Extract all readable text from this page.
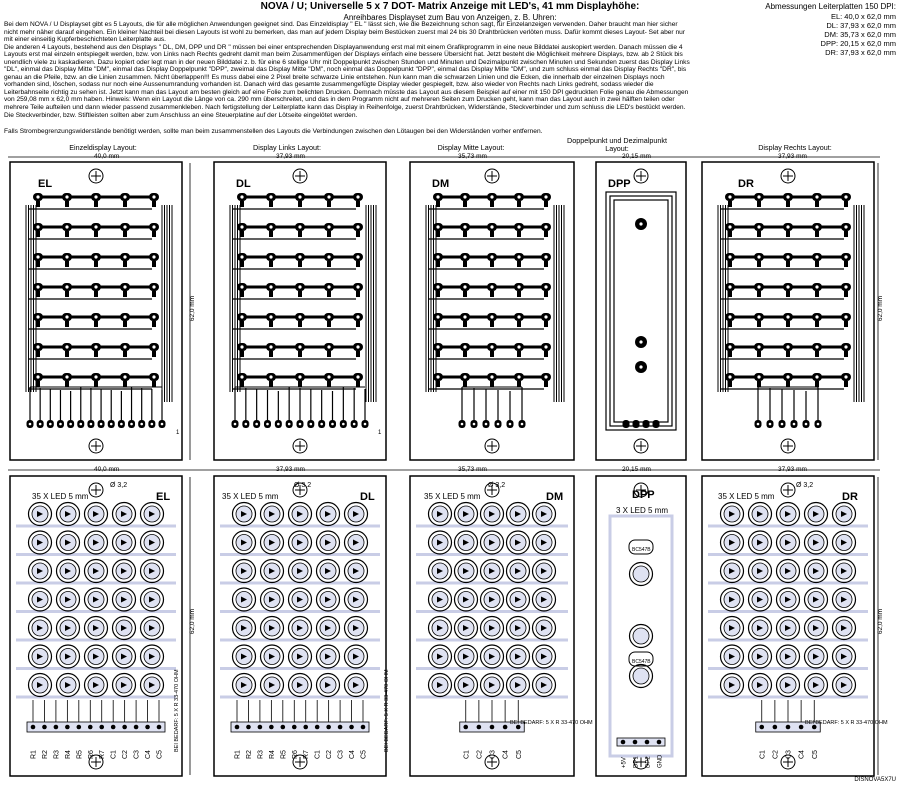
NOVA / U; Universelle 5 x 7 DOT- Matrix Anzeige mit LED's, 41 mm Displayhöhe:
Anreihbares Displayset zum Bau von Anzeigen, z. B. Uhren:
Abmessungen Leiterplatten 150 DPI:
EL: 40,0 x 62,0 mm
DL: 37,93 x 62,0 mm
DM: 35,73 x 62,0 mm
DPP: 20,15 x 62,0 mm
DR: 37,93 x 62,0 mm
Bei dem NOVA / U Displayset gibt es 5 Layouts, die für alle möglichen Anwendungen geeignet sind. Das Einzeldisplay " EL " lässt sich, wie die Bezeichnung schon sagt, für Einzelanzeigen verwenden. Daher braucht man hier sicher nicht mehr näher darauf eingehen. Ein kleiner Nachteil bei diesen Layouts ist wohl zu bemerken, das man auf jedem Display beim Bestücken zuerst mal 24 bis 30 Drahtbrücken verlöten muss. Dafür kommt dieses Layout- Set aber nur mit einer einseitig Kupferbeschichteten Leiterplatte aus.
Die anderen 4 Layouts, bestehend aus den Displays " DL, DM, DPP und DR " müssen bei einer entsprechenden Displayanwendung erst mal mit einem Grafikprogramm in eine neue Bilddatei auskopiert werden. Danach müssen die 4 Layouts erst mal einzeln entspiegelt werden, bzw. von Links nach Rechts gedreht damit man beim Zusammenfügen der Displays einfach eine bessere Übersicht hat. Jetzt besteht die Möglichkeit mehrere Displays, bzw. ab 2 Stück bis unendlich viele zu kaskadieren. Dazu kopiert oder legt man in der neuen Bilddatei z. b. für eine 6 stellige Uhr mit Doppelpunkt zwischen Stunden und Minuten und Dezimalpunkt zwischen Minuten und Sekunden zuerst das Display Links "DL", einmal das Display Mitte "DM", einmal das Display Doppelpunkt "DPP", zweimal das Display Mitte "DM", noch einmal das Doppelpunkt "DPP", einmal das Display Mitte "DM", und zum schluss einmal das Display Rechts "DR", bis genau an die Pfeile, bzw. an die Linien zusammen. Nicht überlappen!!! Es muss dabei eine 2 Pixel breite schwarze Linie entstehen. Nun kann man die schwarzen Linien und die Ecken, die innerhalb der einzelnen Displays noch vorhanden sind, löschen, sodass nur noch eine Aussenumrandung vorhanden ist. Danach wird das gesamte zusammengefügte Display wieder gespiegelt, bzw. also wieder von Rechts nach Links gedreht, sodass wieder die Leiterbahnseite richtig zu sehen ist. Jetzt kann man das Layout am besten gleich auf eine Folie zum belichten Drucken. Demnach müsste das Layout aus diesem Beispiel auf einer mit 150 DPI gedruckten Folie genau die Abmessungen von 259,08 mm x 62,0 mm haben. Hinweis: Wenn ein Layout die Länge von ca. 290 mm überschreitet, und das in dem Programm nicht auf mehreren Seiten zum Drucken geht, kann man das Layout auch in zwei hälften teilen oder mehrere Teile aufteilen und dann wieder passend zusammenkleben. Nach fertigstellung der Leiterplatte kann das Display in Reihenfolge, zuerst Drahtbrücken, Widerstände, Steckverbinder und zum schluss die LED's bestückt werden. Die Steckverbinder, bzw. Stiftleisten sollten aber zum Anschluss an eine Steuerplatine auf der Lötseite eingelötet werden.
Falls Strombegrenzungswiderstände benötigt werden, sollte man beim zusammenstellen des Layouts die Verbindungen zwischen den Lötaugen bei den Widerständen vorher entfernen.
Einzeldisplay Layout:	Display Links Layout:	Display Mitte Layout:
Doppelpunkt und Dezimalpunkt Layout:	Display Rechts Layout:
40,0 mm	37,93 mm	35,73 mm	20,15 mm	37,93 mm
40,0 mm	37,93 mm	35,73 mm	20,15 mm	37,93 mm
62,0 mm	62,0 mm
62,0 mm	62,0 mm
EL	DL	DM	DPP	DR
EL	DL	DM	DPP	DR
35 X LED 5 mm	35 X LED 5 mm	35 X LED 5 mm
3 X LED 5 mm
35 X LED 5 mm
Ø 3,2	Ø 3,2	Ø 3,2	Ø 3,2
BEI BEDARF: 5 X R 33-470 OHM	BEI BEDARF: 5 X R 33-470 OHM	BEI BEDARF: 5 X R 33-470 OHM	BEI BEDARF: 5 X R 33-470 OHM
1	1
BC547B
BC547B
R1 R2 R3 R4 R5 R6 R7 C1 C2 C3 C4 C5	R1 R2 R3 R4 R5 R6 R7 C1 C2 C3 C4 C5	C1 C2 C3 C4 C5
+5V DP1 DP2 GND
C1 C2 C3 C4 C5
DISNOVA5X7U
